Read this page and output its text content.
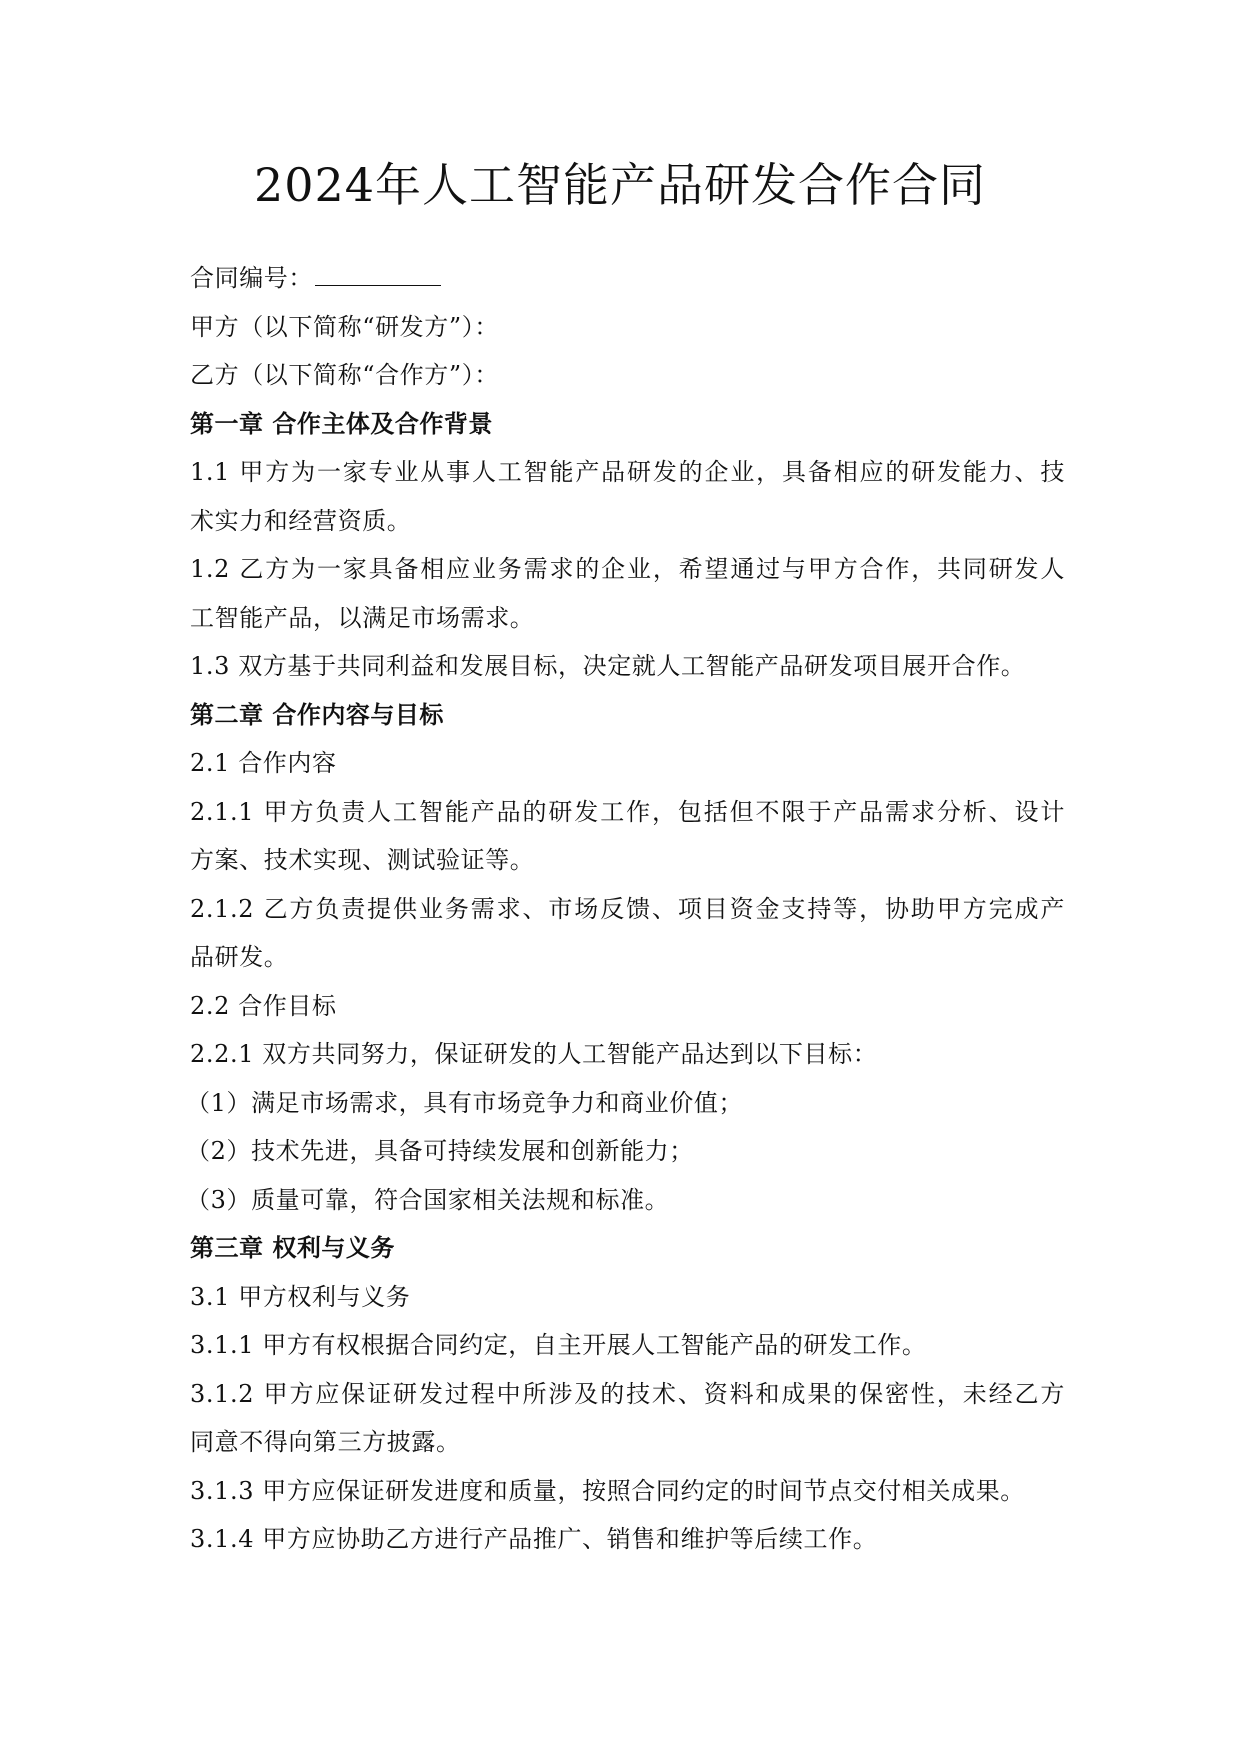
2024年人工智能产品研发合作合同
合同编号：
甲方（以下简称“研发方”）：
乙方（以下简称“合作方”）：
第一章 合作主体及合作背景
1.1 甲方为一家专业从事人工智能产品研发的企业，具备相应的研发能力、技
术实力和经营资质。
1.2 乙方为一家具备相应业务需求的企业，希望通过与甲方合作，共同研发人
工智能产品，以满足市场需求。
1.3 双方基于共同利益和发展目标，决定就人工智能产品研发项目展开合作。
第二章 合作内容与目标
2.1 合作内容
2.1.1 甲方负责人工智能产品的研发工作，包括但不限于产品需求分析、设计
方案、技术实现、测试验证等。
2.1.2 乙方负责提供业务需求、市场反馈、项目资金支持等，协助甲方完成产
品研发。
2.2 合作目标
2.2.1 双方共同努力，保证研发的人工智能产品达到以下目标：
（1）满足市场需求，具有市场竞争力和商业价值；
（2）技术先进，具备可持续发展和创新能力；
（3）质量可靠，符合国家相关法规和标准。
第三章 权利与义务
3.1 甲方权利与义务
3.1.1 甲方有权根据合同约定，自主开展人工智能产品的研发工作。
3.1.2 甲方应保证研发过程中所涉及的技术、资料和成果的保密性，未经乙方
同意不得向第三方披露。
3.1.3 甲方应保证研发进度和质量，按照合同约定的时间节点交付相关成果。
3.1.4 甲方应协助乙方进行产品推广、销售和维护等后续工作。
